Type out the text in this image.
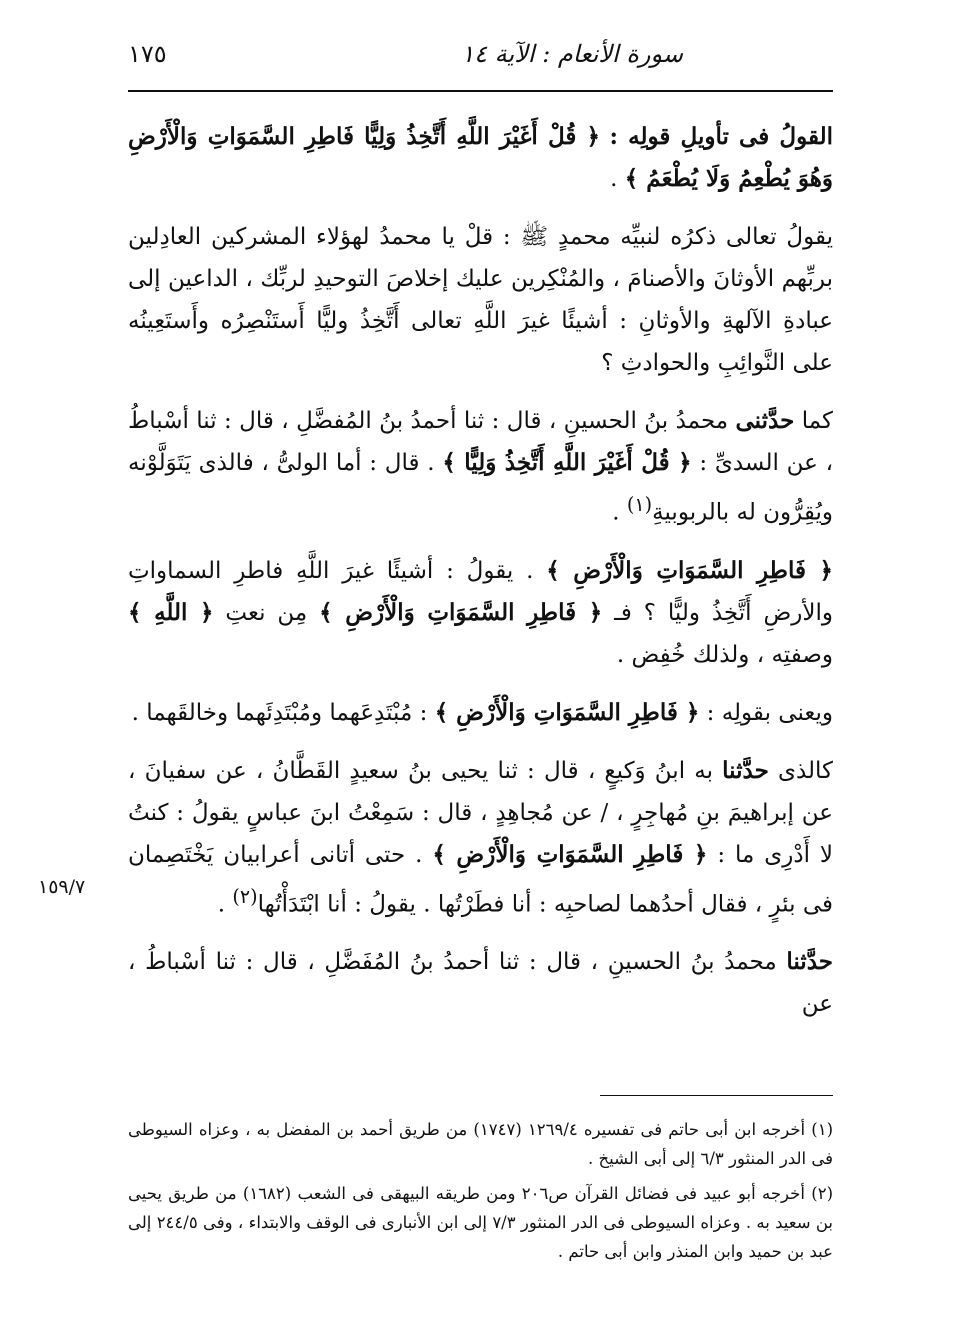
١٧٥	سورة الأنعام : الآية ١٤

القولُ فى تأويلِ قولِه : ﴿ قُلْ أَغَيْرَ اللَّهِ أَتَّخِذُ وَلِيًّا فَاطِرِ السَّمَوَاتِ وَالْأَرْضِ وَهُوَ يُطْعِمُ وَلَا يُطْعَمُ ﴾ .

يقولُ تعالى ذكرُه لنبيِّه محمدٍ ﷺ : قلْ يا محمدُ لهؤلاء المشركين العادِلين بربِّهم الأوثانَ والأصنامَ ، والمُنْكِرين عليك إخلاصَ التوحيدِ لربِّك ، الداعين إلى عبادةِ الآلهةِ والأوثانِ : أشيئًا غيرَ اللَّهِ تعالى أَتَّخِذُ وليًّا أَستَنْصِرُه وأَستَعِينُه على النَّوائِبِ والحوادثِ ؟

كما حدَّثنى محمدُ بنُ الحسينِ ، قال : ثنا أحمدُ بنُ المُفضَّلِ ، قال : ثنا أسْباطُ ، عن السدىِّ : ﴿ قُلْ أَغَيْرَ اللَّهِ أَتَّخِذُ وَلِيًّا ﴾ . قال : أما الولىُّ ، فالذى يَتَوَلَّوْنه ويُقِرُّون له بالربوبيةِ$^{(١)}$ .

﴿ فَاطِرِ السَّمَوَاتِ وَالْأَرْضِ ﴾ . يقولُ : أشيئًا غيرَ اللَّهِ فاطرِ السماواتِ والأرضِ أَتَّخِذُ وليًّا ؟ فـ ﴿ فَاطِرِ السَّمَوَاتِ وَالْأَرْضِ ﴾ مِن نعتِ ﴿ اللَّهِ ﴾ وصفتِه ، ولذلك خُفِض .

ويعنى بقولِه : ﴿ فَاطِرِ السَّمَوَاتِ وَالْأَرْضِ ﴾ : مُبْتَدِعَهما ومُبْتَدِئَهما وخالقَهما .

كالذى حدَّثنا به ابنُ وَكيعٍ ، قال : ثنا يحيى بنُ سعيدٍ القَطَّانُ ، عن سفيانَ ، عن إبراهيمَ بنِ مُهاجِرٍ ، / عن مُجاهِدٍ ، قال : سَمِعْتُ ابنَ عباسٍ يقولُ : كنتُ لا أَدْرِى ما : ﴿ فَاطِرِ السَّمَوَاتِ وَالْأَرْضِ ﴾ . حتى أتانى أعرابيان يَخْتَصِمان فى بئرٍ ، فقال أحدُهما لصاحبِه : أنا فطَرْتُها . يقولُ : أنا ابْتَدَأْتُها$^{(٢)}$ .

حدَّثنا محمدُ بنُ الحسينِ ، قال : ثنا أحمدُ بنُ المُفَضَّلِ ، قال : ثنا أسْباطُ ، عن

١٥٩/٧

(١) أخرجه ابن أبى حاتم فى تفسيره ١٢٦٩/٤ (١٧٤٧) من طريق أحمد بن المفضل به ، وعزاه السيوطى فى الدر المنثور ٦/٣ إلى أبى الشيخ .

(٢) أخرجه أبو عبيد فى فضائل القرآن ص٢٠٦ ومن طريقه البيهقى فى الشعب (١٦٨٢) من طريق يحيى بن سعيد به . وعزاه السيوطى فى الدر المنثور ٧/٣ إلى ابن الأنبارى فى الوقف والابتداء ، وفى ٢٤٤/٥ إلى عبد بن حميد وابن المنذر وابن أبى حاتم .
